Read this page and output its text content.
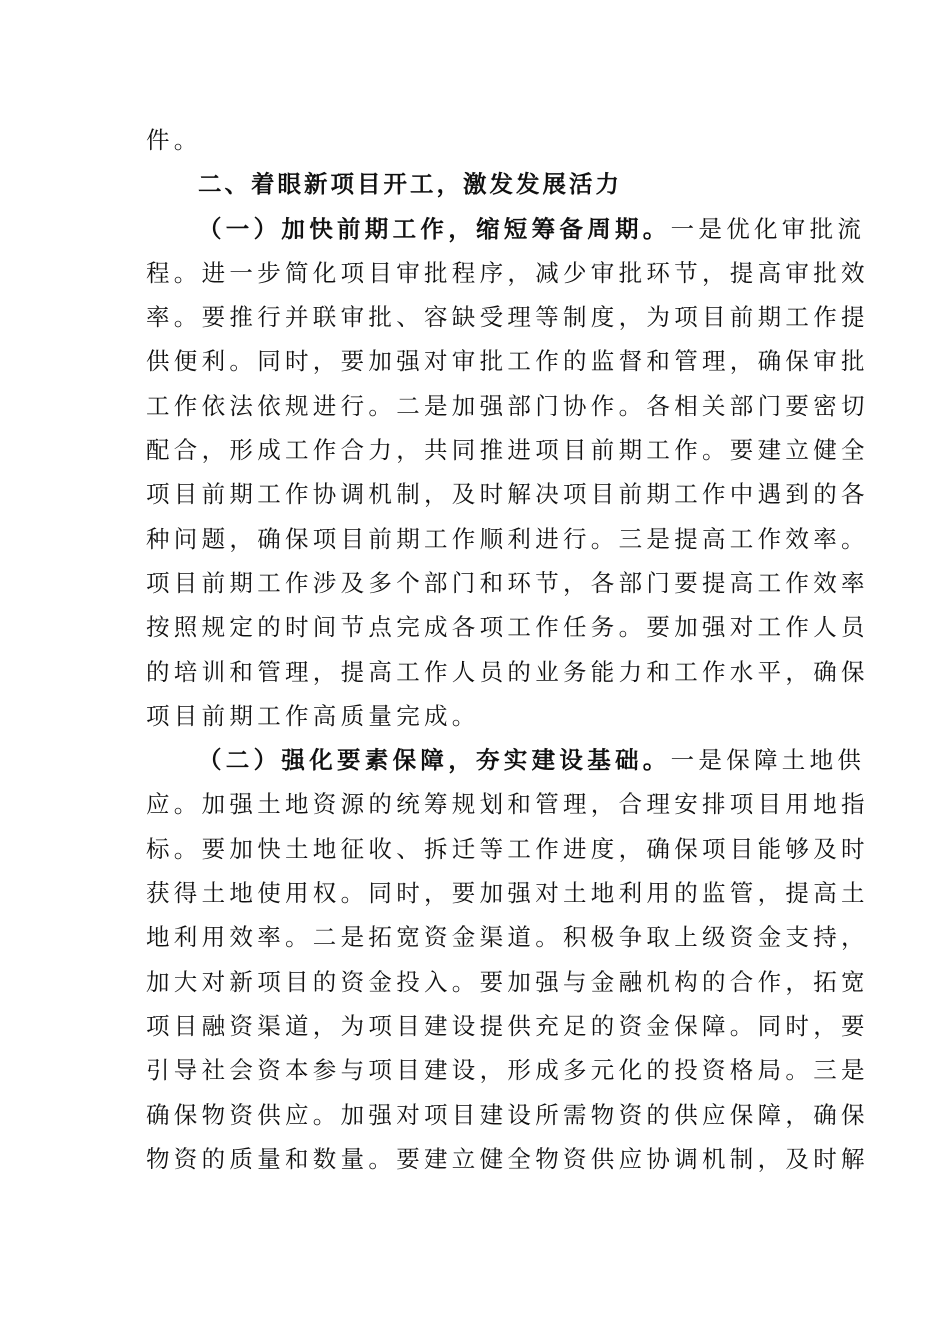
件。
二、着眼新项目开工，激发发展活力
（一）加快前期工作，缩短筹备周期。一是优化审批流
程。进一步简化项目审批程序，减少审批环节，提高审批效
率。要推行并联审批、容缺受理等制度，为项目前期工作提
供便利。同时，要加强对审批工作的监督和管理，确保审批
工作依法依规进行。二是加强部门协作。各相关部门要密切
配合，形成工作合力，共同推进项目前期工作。要建立健全
项目前期工作协调机制，及时解决项目前期工作中遇到的各
种问题，确保项目前期工作顺利进行。三是提高工作效率。
项目前期工作涉及多个部门和环节，各部门要提高工作效率
按照规定的时间节点完成各项工作任务。要加强对工作人员
的培训和管理，提高工作人员的业务能力和工作水平，确保
项目前期工作高质量完成。
（二）强化要素保障，夯实建设基础。一是保障土地供
应。加强土地资源的统筹规划和管理，合理安排项目用地指
标。要加快土地征收、拆迁等工作进度，确保项目能够及时
获得土地使用权。同时，要加强对土地利用的监管，提高土
地利用效率。二是拓宽资金渠道。积极争取上级资金支持，
加大对新项目的资金投入。要加强与金融机构的合作，拓宽
项目融资渠道，为项目建设提供充足的资金保障。同时，要
引导社会资本参与项目建设，形成多元化的投资格局。三是
确保物资供应。加强对项目建设所需物资的供应保障，确保
物资的质量和数量。要建立健全物资供应协调机制，及时解
